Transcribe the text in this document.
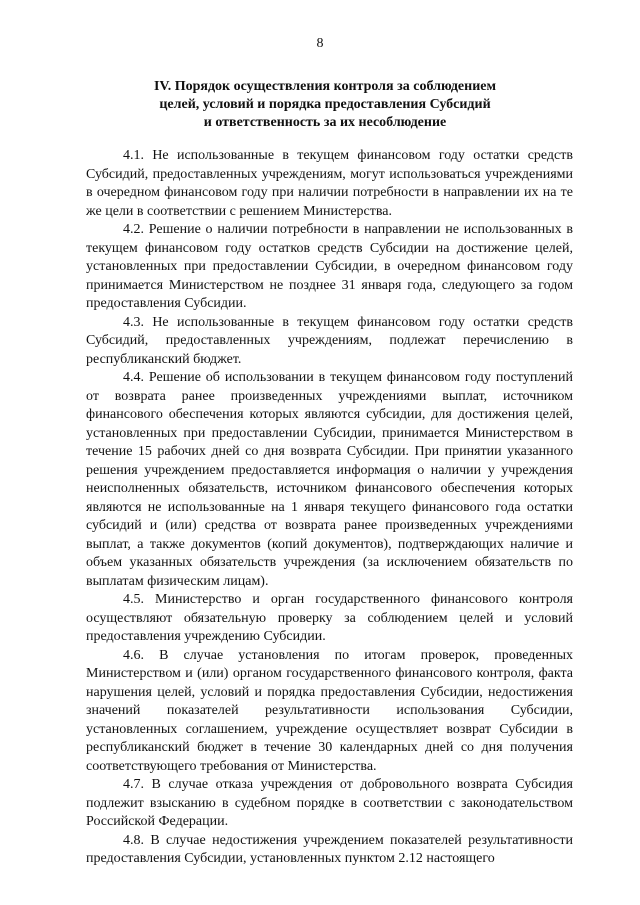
8
IV. Порядок осуществления контроля за соблюдением
целей, условий и порядка предоставления Субсидий
и ответственность за их несоблюдение

4.1. Не использованные в текущем финансовом году остатки средств Субсидий, предоставленных учреждениям, могут использоваться учреждениями в очередном финансовом году при наличии потребности в направлении их на те же цели в соответствии с решением Министерства.

4.2. Решение о наличии потребности в направлении не использованных в текущем финансовом году остатков средств Субсидии на достижение целей, установленных при предоставлении Субсидии, в очередном финансовом году принимается Министерством не позднее 31 января года, следующего за годом предоставления Субсидии.

4.3. Не использованные в текущем финансовом году остатки средств Субсидий, предоставленных учреждениям, подлежат перечислению в республиканский бюджет.

4.4. Решение об использовании в текущем финансовом году поступлений от возврата ранее произведенных учреждениями выплат, источником финансового обеспечения которых являются субсидии, для достижения целей, установленных при предоставлении Субсидии, принимается Министерством в течение 15 рабочих дней со дня возврата Субсидии. При принятии указанного решения учреждением предоставляется информация о наличии у учреждения неисполненных обязательств, источником финансового обеспечения которых являются не использованные на 1 января текущего финансового года остатки субсидий и (или) средства от возврата ранее произведенных учреждениями выплат, а также документов (копий документов), подтверждающих наличие и объем указанных обязательств учреждения (за исключением обязательств по выплатам физическим лицам).

4.5. Министерство и орган государственного финансового контроля осуществляют обязательную проверку за соблюдением целей и условий предоставления учреждению Субсидии.

4.6. В случае установления по итогам проверок, проведенных Министерством и (или) органом государственного финансового контроля, факта нарушения целей, условий и порядка предоставления Субсидии, недостижения значений показателей результативности использования Субсидии, установленных соглашением, учреждение осуществляет возврат Субсидии в республиканский бюджет в течение 30 календарных дней со дня получения соответствующего требования от Министерства.

4.7. В случае отказа учреждения от добровольного возврата Субсидия подлежит взысканию в судебном порядке в соответствии с законодательством Российской Федерации.

4.8. В случае недостижения учреждением показателей результативности предоставления Субсидии, установленных пунктом 2.12 настоящего
